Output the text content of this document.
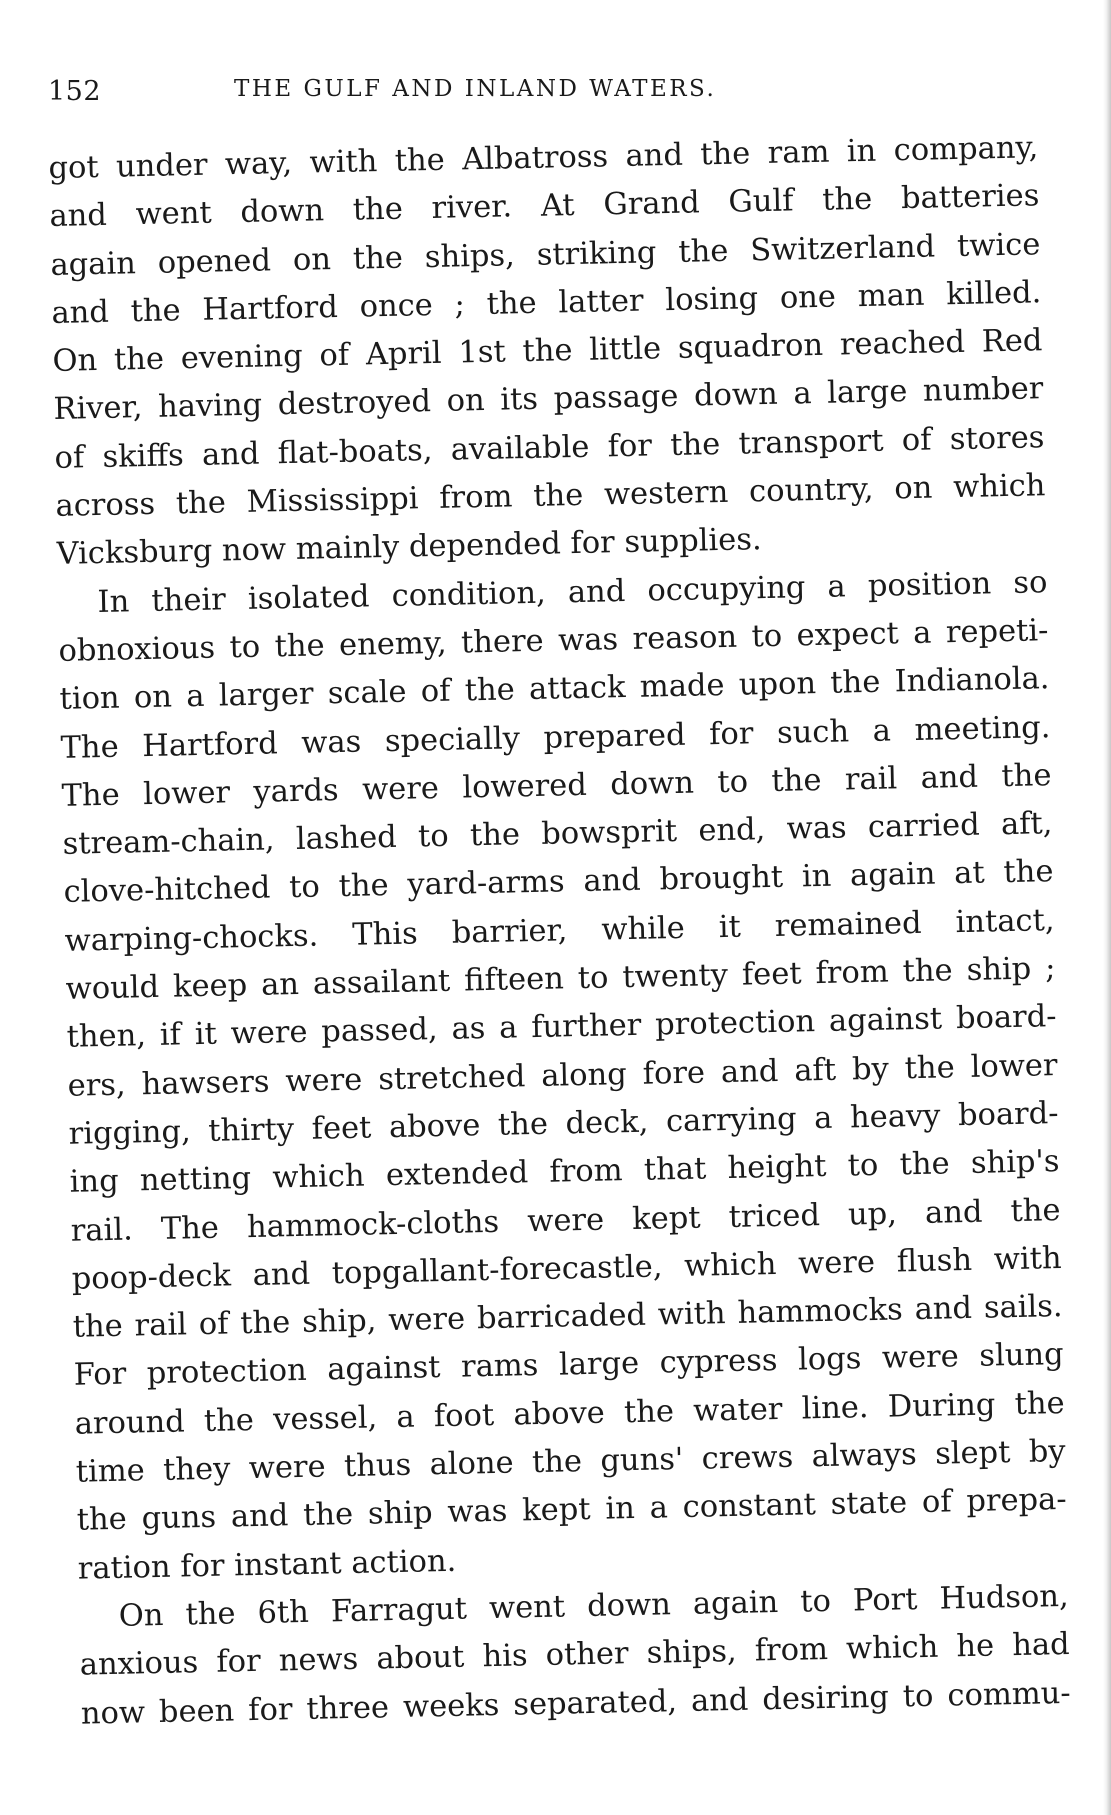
152	THE GULF AND INLAND WATERS.
got under way, with the Albatross and the ram in company,
and went down the river. At Grand Gulf the batteries
again opened on the ships, striking the Switzerland twice
and the Hartford once ; the latter losing one man killed.
On the evening of April 1st the little squadron reached Red
River, having destroyed on its passage down a large number
of skiffs and flat-boats, available for the transport of stores
across the Mississippi from the western country, on which
Vicksburg now mainly depended for supplies.
In their isolated condition, and occupying a position so
obnoxious to the enemy, there was reason to expect a repeti-
tion on a larger scale of the attack made upon the Indianola.
The Hartford was specially prepared for such a meeting.
The lower yards were lowered down to the rail and the
stream-chain, lashed to the bowsprit end, was carried aft,
clove-hitched to the yard-arms and brought in again at the
warping-chocks. This barrier, while it remained intact,
would keep an assailant fifteen to twenty feet from the ship ;
then, if it were passed, as a further protection against board-
ers, hawsers were stretched along fore and aft by the lower
rigging, thirty feet above the deck, carrying a heavy board-
ing netting which extended from that height to the ship's
rail. The hammock-cloths were kept triced up, and the
poop-deck and topgallant-forecastle, which were flush with
the rail of the ship, were barricaded with hammocks and sails.
For protection against rams large cypress logs were slung
around the vessel, a foot above the water line. During the
time they were thus alone the guns' crews always slept by
the guns and the ship was kept in a constant state of prepa-
ration for instant action.
On the 6th Farragut went down again to Port Hudson,
anxious for news about his other ships, from which he had
now been for three weeks separated, and desiring to commu-
